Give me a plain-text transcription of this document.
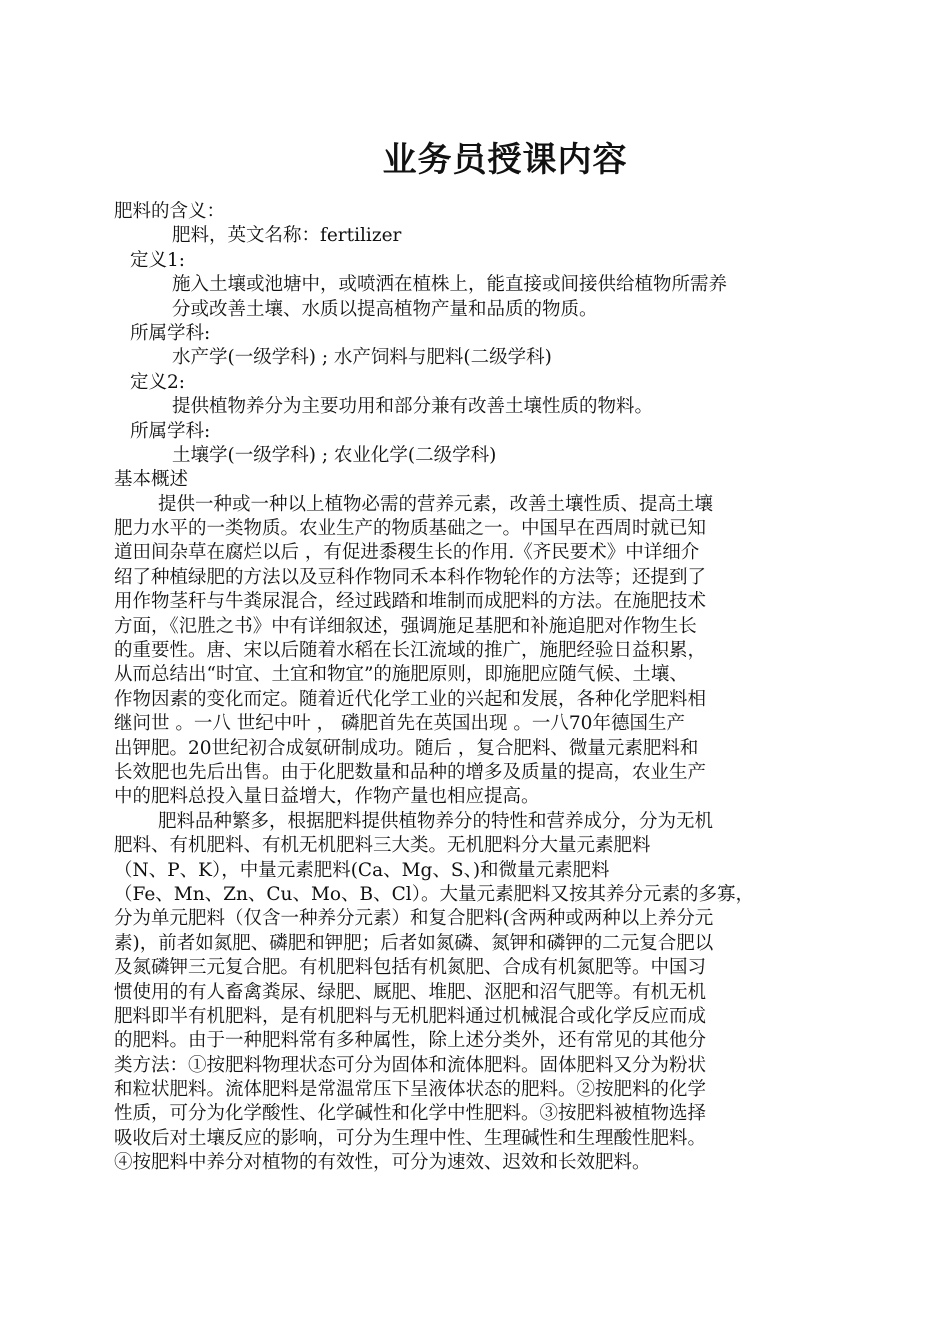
业务员授课内容
肥料的含义：
肥料，英文名称：fertilizer
定义1:
施入土壤或池塘中，或喷洒在植株上，能直接或间接供给植物所需养
分或改善土壤、水质以提高植物产量和品质的物质。
所属学科:
水产学(一级学科) ; 水产饲料与肥料(二级学科)
定义2:
提供植物养分为主要功用和部分兼有改善土壤性质的物料。
所属学科:
土壤学(一级学科) ; 农业化学(二级学科)
基本概述
提供一种或一种以上植物必需的营养元素，改善土壤性质、提高土壤
肥力水平的一类物质。农业生产的物质基础之一。中国早在西周时就已知
道田间杂草在腐烂以后 ，有促进黍稷生长的作用.《齐民要术》中详细介
绍了种植绿肥的方法以及豆科作物同禾本科作物轮作的方法等；还提到了
用作物茎秆与牛粪尿混合，经过践踏和堆制而成肥料的方法。在施肥技术
方面，《氾胜之书》中有详细叙述，强调施足基肥和补施追肥对作物生长
的重要性。唐、宋以后随着水稻在长江流域的推广，施肥经验日益积累，
从而总结出“时宜、土宜和物宜”的施肥原则，即施肥应随气候、土壤、
作物因素的变化而定。随着近代化学工业的兴起和发展，各种化学肥料相
继问世 。一八 世纪中叶 ， 磷肥首先在英国出现 。一八70年德国生产
出钾肥。20世纪初合成氨研制成功。随后 ，复合肥料、微量元素肥料和
长效肥也先后出售。由于化肥数量和品种的增多及质量的提高，农业生产
中的肥料总投入量日益增大，作物产量也相应提高。
肥料品种繁多，根据肥料提供植物养分的特性和营养成分，分为无机
肥料、有机肥料、有机无机肥料三大类。无机肥料分大量元素肥料
（N、P、K），中量元素肥料(Ca、Mg、S、)和微量元素肥料
（Fe、Mn、Zn、Cu、Mo、B、Cl）。大量元素肥料又按其养分元素的多寡，
分为单元肥料（仅含一种养分元素）和复合肥料(含两种或两种以上养分元
素)，前者如氮肥、磷肥和钾肥；后者如氮磷、氮钾和磷钾的二元复合肥以
及氮磷钾三元复合肥。有机肥料包括有机氮肥、合成有机氮肥等。中国习
惯使用的有人畜禽粪尿、绿肥、厩肥、堆肥、沤肥和沼气肥等。有机无机
肥料即半有机肥料，是有机肥料与无机肥料通过机械混合或化学反应而成
的肥料。由于一种肥料常有多种属性，除上述分类外，还有常见的其他分
类方法：①按肥料物理状态可分为固体和流体肥料。固体肥料又分为粉状
和粒状肥料。流体肥料是常温常压下呈液体状态的肥料。②按肥料的化学
性质，可分为化学酸性、化学碱性和化学中性肥料。③按肥料被植物选择
吸收后对土壤反应的影响，可分为生理中性、生理碱性和生理酸性肥料。
④按肥料中养分对植物的有效性，可分为速效、迟效和长效肥料。
